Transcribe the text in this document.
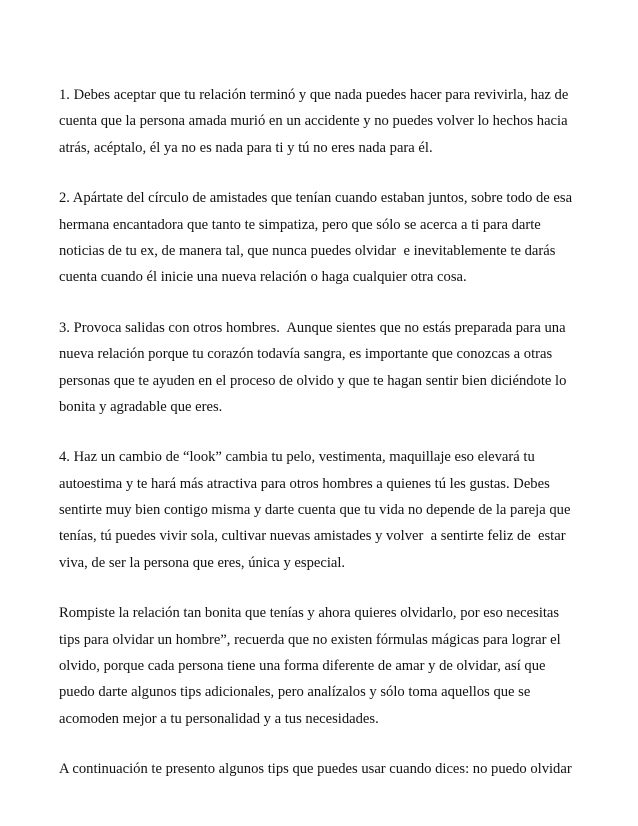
1. Debes aceptar que tu relación terminó y que nada puedes hacer para revivirla, haz de
cuenta que la persona amada murió en un accidente y no puedes volver lo hechos hacia
atrás, acéptalo, él ya no es nada para ti y tú no eres nada para él.
2. Apártate del círculo de amistades que tenían cuando estaban juntos, sobre todo de esa
hermana encantadora que tanto te simpatiza, pero que sólo se acerca a ti para darte
noticias de tu ex, de manera tal, que nunca puedes olvidar  e inevitablemente te darás
cuenta cuando él inicie una nueva relación o haga cualquier otra cosa.
3. Provoca salidas con otros hombres.  Aunque sientes que no estás preparada para una
nueva relación porque tu corazón todavía sangra, es importante que conozcas a otras
personas que te ayuden en el proceso de olvido y que te hagan sentir bien diciéndote lo
bonita y agradable que eres.
4. Haz un cambio de “look” cambia tu pelo, vestimenta, maquillaje eso elevará tu
autoestima y te hará más atractiva para otros hombres a quienes tú les gustas. Debes
sentirte muy bien contigo misma y darte cuenta que tu vida no depende de la pareja que
tenías, tú puedes vivir sola, cultivar nuevas amistades y volver  a sentirte feliz de  estar
viva, de ser la persona que eres, única y especial.
Rompiste la relación tan bonita que tenías y ahora quieres olvidarlo, por eso necesitas
tips para olvidar un hombre”, recuerda que no existen fórmulas mágicas para lograr el
olvido, porque cada persona tiene una forma diferente de amar y de olvidar, así que
puedo darte algunos tips adicionales, pero analízalos y sólo toma aquellos que se
acomoden mejor a tu personalidad y a tus necesidades.
A continuación te presento algunos tips que puedes usar cuando dices: no puedo olvidar
